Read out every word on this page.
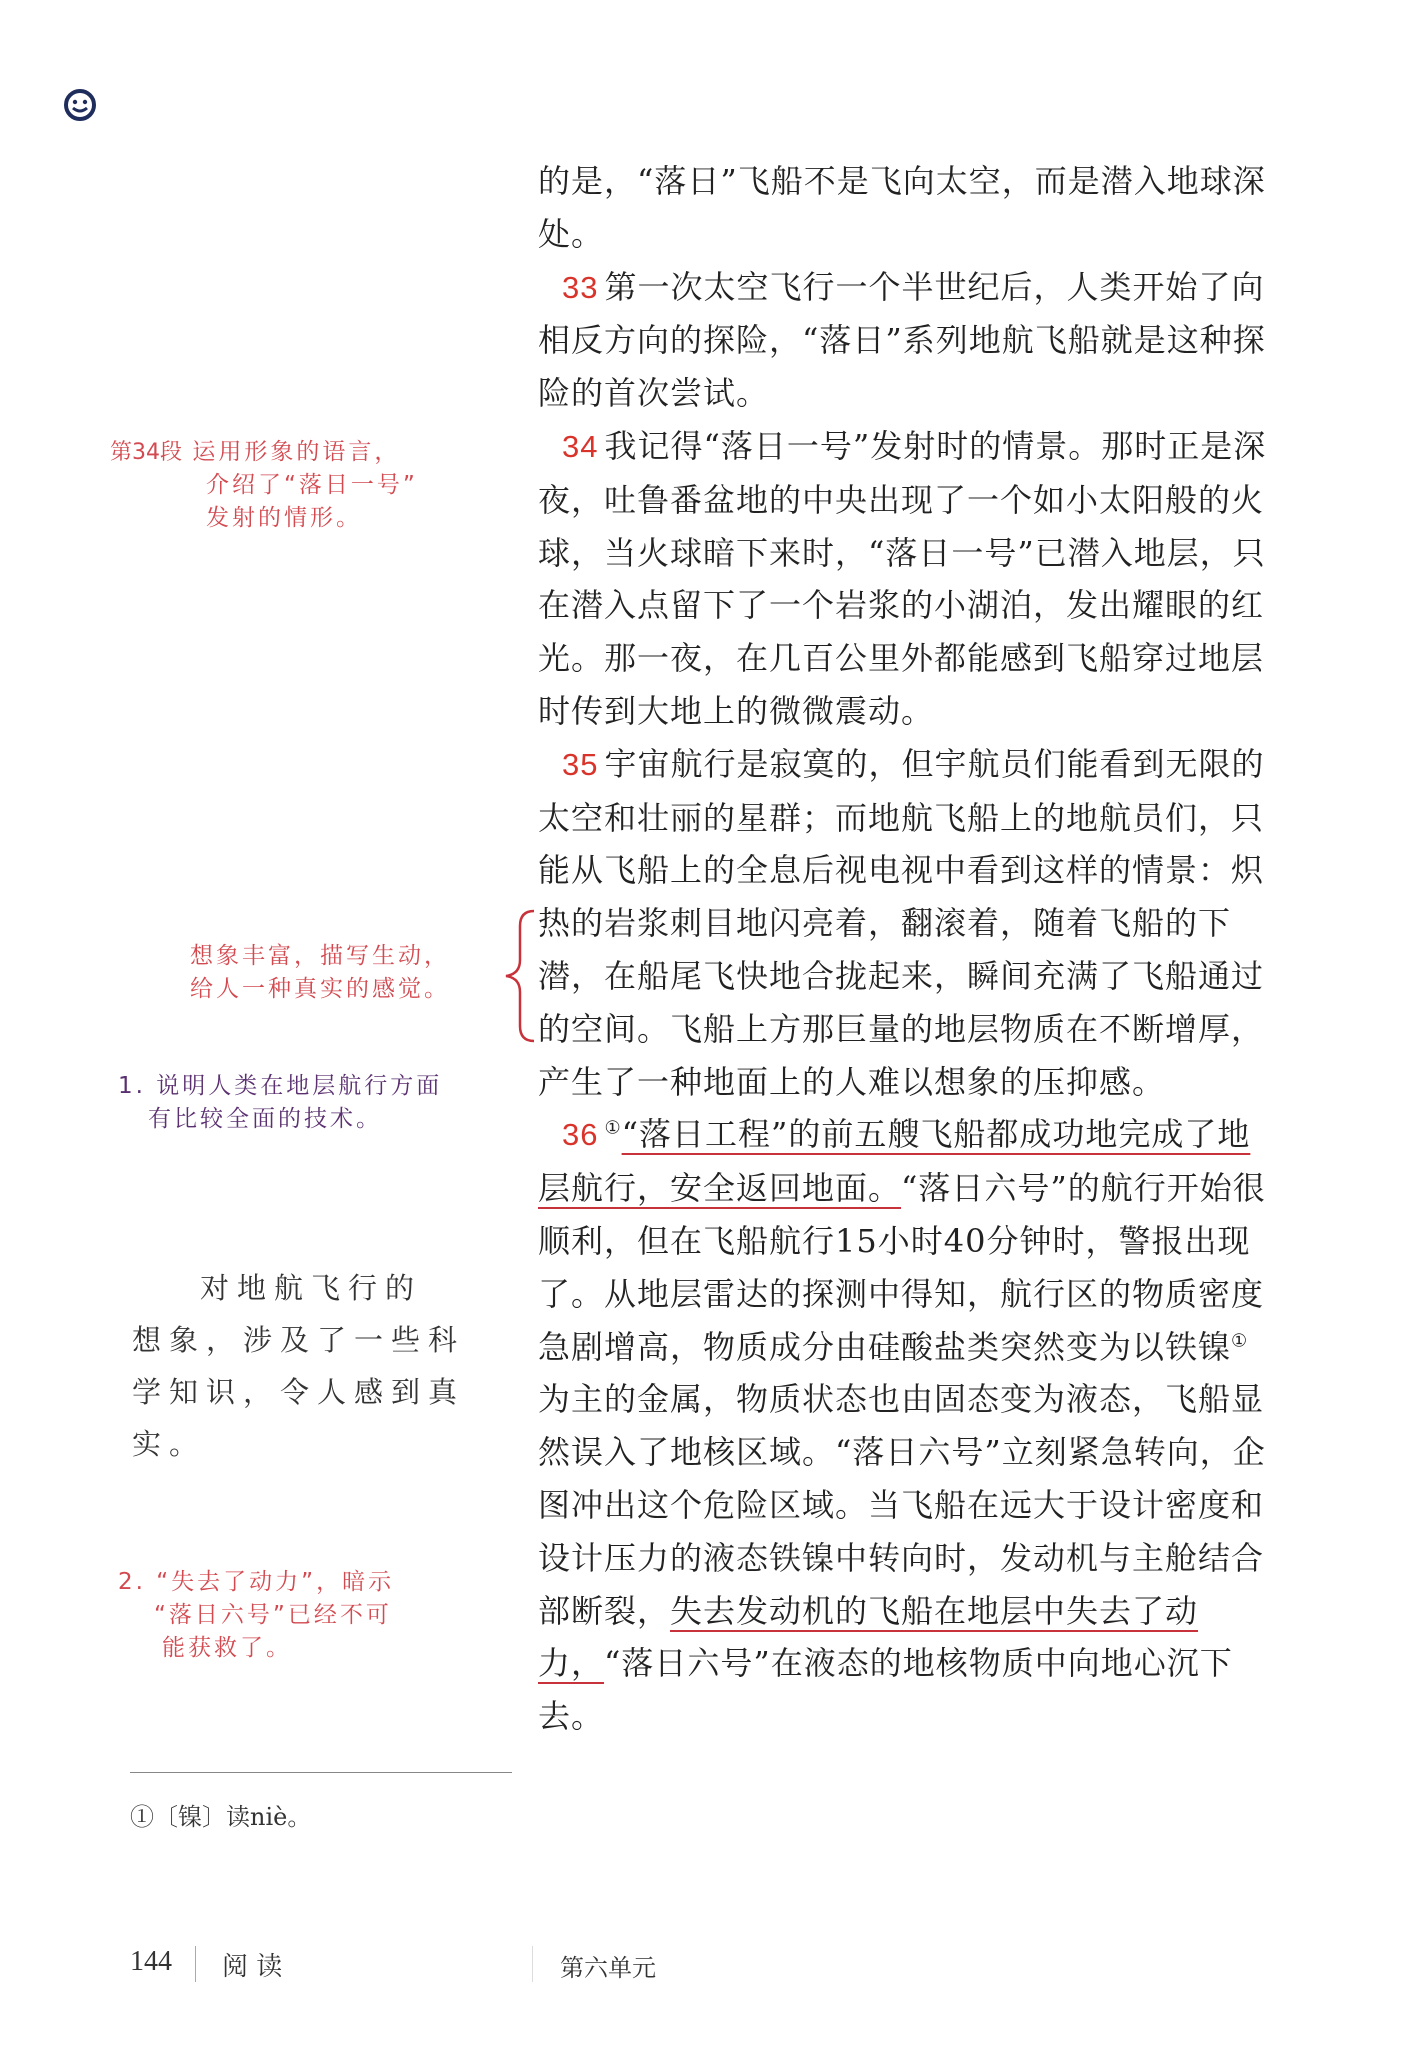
的是，“落日”飞船不是飞向太空，而是潜入地球深处。

33 第一次太空飞行一个半世纪后，人类开始了向相反方向的探险，“落日”系列地航飞船就是这种探险的首次尝试。

34 我记得“落日一号”发射时的情景。那时正是深夜，吐鲁番盆地的中央出现了一个如小太阳般的火球，当火球暗下来时，“落日一号”已潜入地层，只在潜入点留下了一个岩浆的小湖泊，发出耀眼的红光。那一夜，在几百公里外都能感到飞船穿过地层时传到大地上的微微震动。

35 宇宙航行是寂寞的，但宇航员们能看到无限的太空和壮丽的星群；而地航飞船上的地航员们，只能从飞船上的全息后视电视中看到这样的情景：炽热的岩浆刺目地闪亮着，翻滚着，随着飞船的下潜，在船尾飞快地合拢起来，瞬间充满了飞船通过的空间。飞船上方那巨量的地层物质在不断增厚，产生了一种地面上的人难以想象的压抑感。

36 ①“落日工程”的前五艘飞船都成功地完成了地层航行，安全返回地面。“落日六号”的航行开始很顺利，但在飞船航行15小时40分钟时，警报出现了。从地层雷达的探测中得知，航行区的物质密度急剧增高，物质成分由硅酸盐类突然变为以铁镍①为主的金属，物质状态也由固态变为液态，飞船显然误入了地核区域。“落日六号”立刻紧急转向，企图冲出这个危险区域。当飞船在远大于设计密度和设计压力的液态铁镍中转向时，发动机与主舱结合部断裂，失去发动机的飞船在地层中失去了动力，“落日六号”在液态的地核物质中向地心沉下去。

第34段 运用形象的语言，
介绍了“落日一号”
发射的情形。
想象丰富，描写生动，
给人一种真实的感觉。
1. 说明人类在地层航行方面
有比较全面的技术。
对地航飞行的
想象，涉及了一些科
学知识，令人感到真
实。
2. “失去了动力”，暗示
“落日六号”已经不可
能获救了。
①〔镍〕读niè。
144 阅 读	第六单元
